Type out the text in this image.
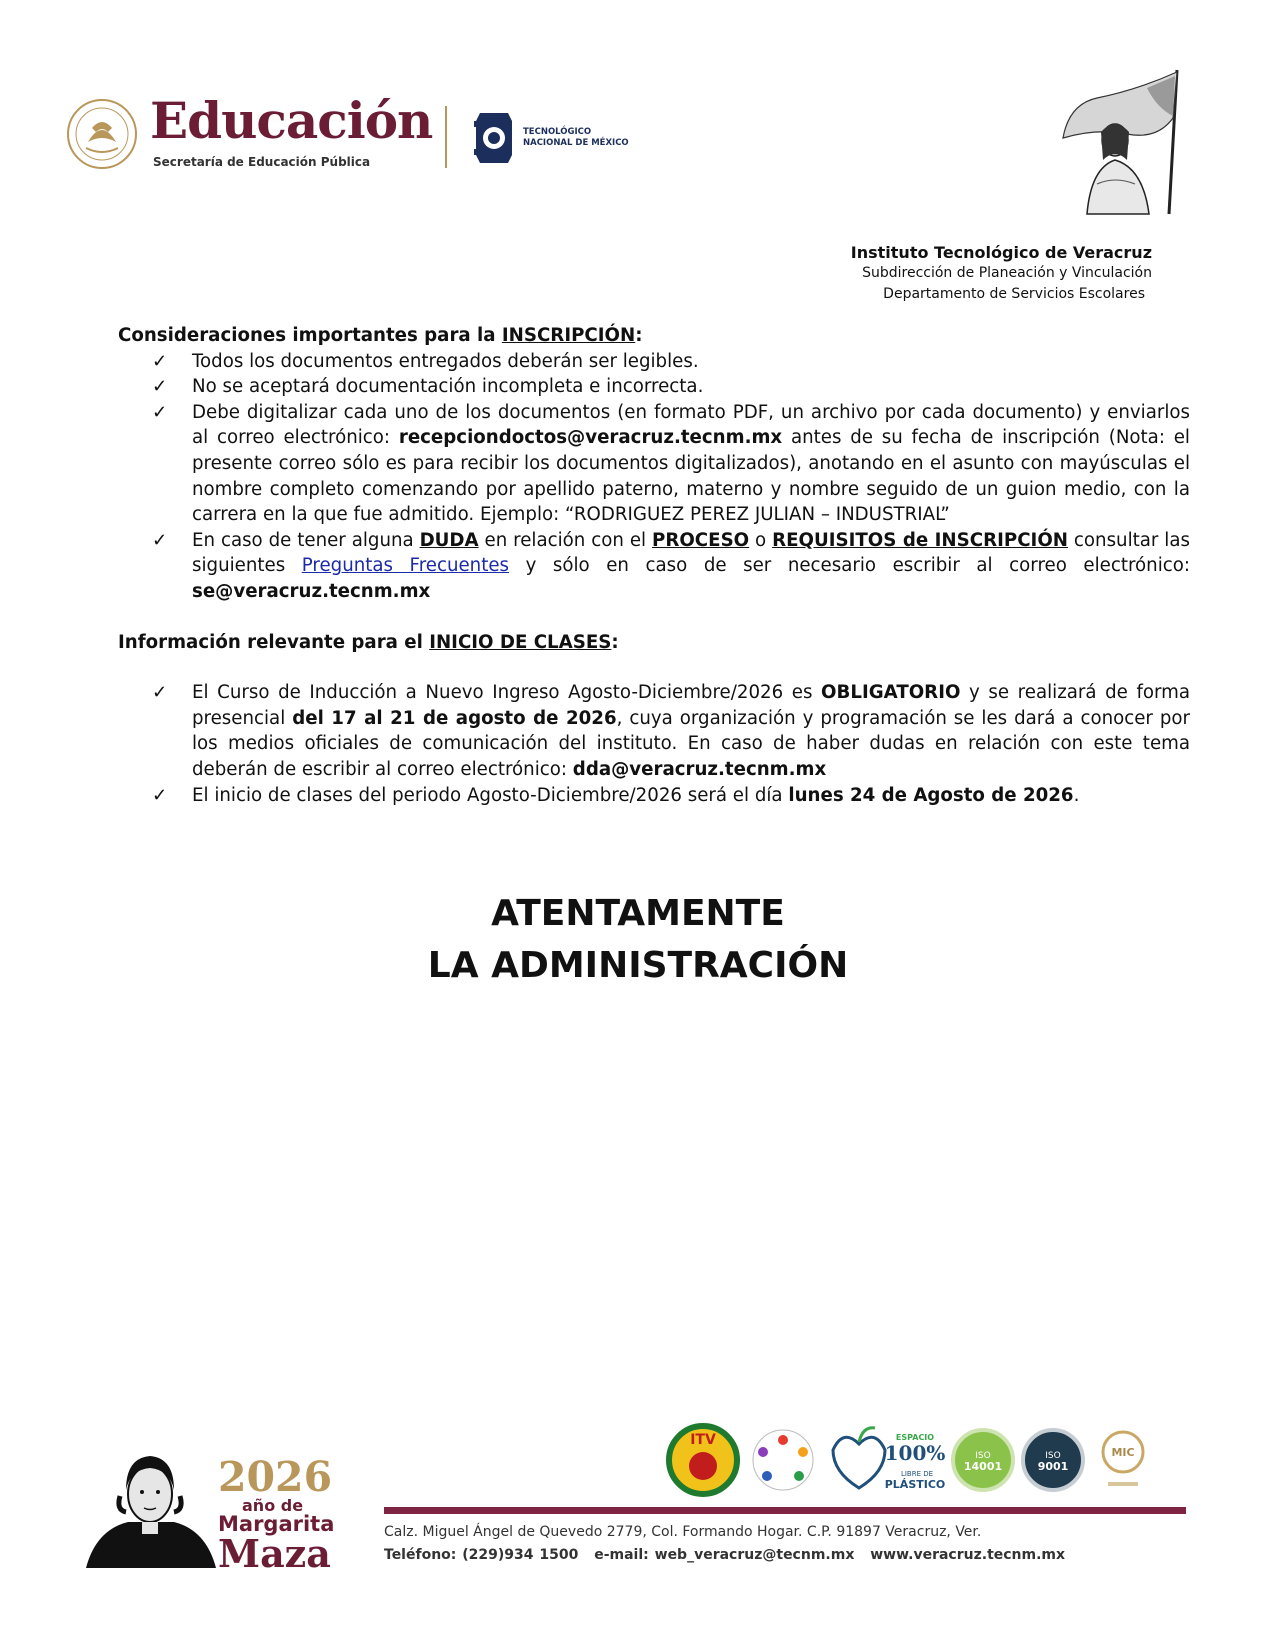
Educación
Secretaría de Educación Pública
TECNOLÓGICO
NACIONAL DE MÉXICO
Instituto Tecnológico de Veracruz
Subdirección de Planeación y Vinculación
Departamento de Servicios Escolares

Consideraciones importantes para la INSCRIPCIÓN:

✓ Todos los documentos entregados deberán ser legibles.
✓ No se aceptará documentación incompleta e incorrecta.
✓ Debe digitalizar cada uno de los documentos (en formato PDF, un archivo por cada documento) y enviarlos al correo electrónico: recepciondoctos@veracruz.tecnm.mx antes de su fecha de inscripción (Nota: el presente correo sólo es para recibir los documentos digitalizados), anotando en el asunto con mayúsculas el nombre completo comenzando por apellido paterno, materno y nombre seguido de un guion medio, con la carrera en la que fue admitido. Ejemplo: “RODRIGUEZ PEREZ JULIAN – INDUSTRIAL”
✓ En caso de tener alguna DUDA en relación con el PROCESO o REQUISITOS de INSCRIPCIÓN consultar las siguientes Preguntas Frecuentes y sólo en caso de ser necesario escribir al correo electrónico: se@veracruz.tecnm.mx

Información relevante para el INICIO DE CLASES:

✓ El Curso de Inducción a Nuevo Ingreso Agosto-Diciembre/2026 es OBLIGATORIO y se realizará de forma presencial del 17 al 21 de agosto de 2026, cuya organización y programación se les dará a conocer por los medios oficiales de comunicación del instituto. En caso de haber dudas en relación con este tema deberán de escribir al correo electrónico: dda@veracruz.tecnm.mx
✓ El inicio de clases del periodo Agosto-Diciembre/2026 será el día lunes 24 de Agosto de 2026.
ATENTAMENTE
LA ADMINISTRACIÓN
2026
año de
Margarita
Maza
ITV	ESPACIO
100%
LIBRE DE
PLÁSTICO
ISO
14001
ISO
9001
MIC
Calz. Miguel Ángel de Quevedo 2779, Col. Formando Hogar. C.P. 91897 Veracruz, Ver.
Teléfono: (229)934 1500 e-mail: web_veracruz@tecnm.mx www.veracruz.tecnm.mx
